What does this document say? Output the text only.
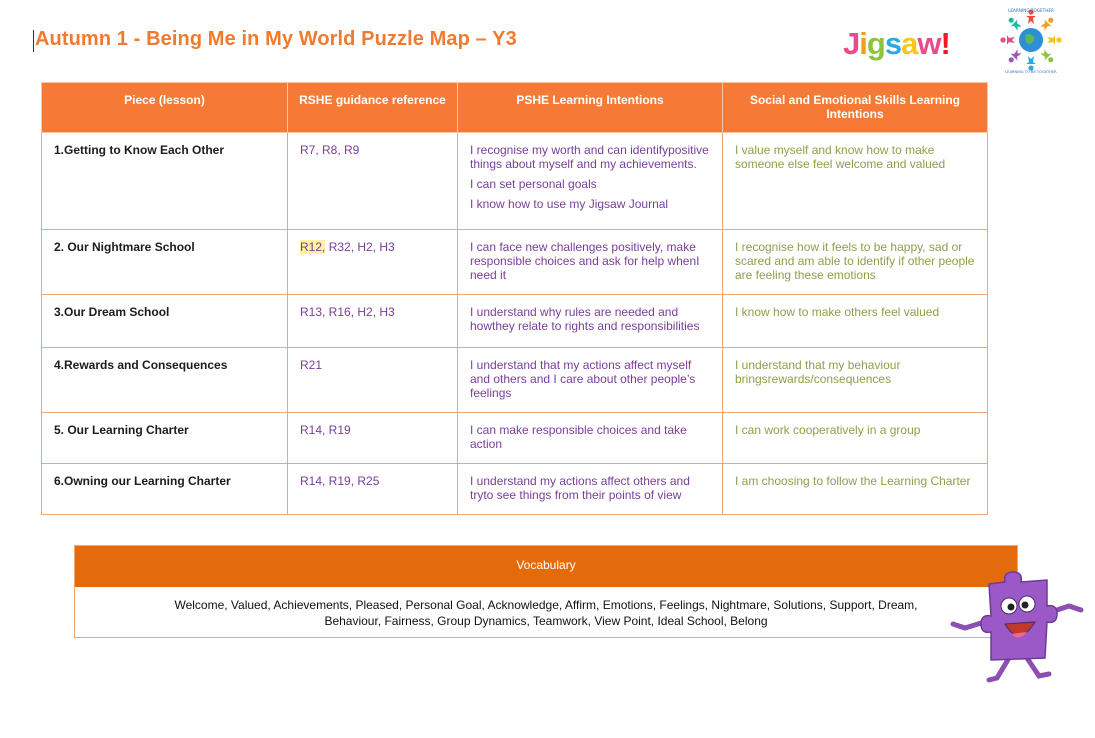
Autumn 1 - Being Me in My World Puzzle Map – Y3	Jigsaw!
LEARNING TOGETHER
LEARNING TO BE TOGETHER
Piece (lesson)	RSHE guidance reference	PSHE Learning Intentions	Social and Emotional Skills Learning Intentions
1.Getting to Know Each Other	R7, R8, R9	I recognise my worth and can identifypositive things about myself and my achievements.

I can set personal goals

I know how to use my Jigsaw Journal	I value myself and know how to make someone else feel welcome and valued
2. Our Nightmare School	R12, R32, H2, H3	I can face new challenges positively, make responsible choices and ask for help whenI need it	I recognise how it feels to be happy, sad or scared and am able to identify if other people are feeling these emotions
3.Our Dream School	R13, R16, H2, H3	I understand why rules are needed and howthey relate to rights and responsibilities	I know how to make others feel valued
4.Rewards and Consequences	R21	I understand that my actions affect myself and others and I care about other people’s feelings	I understand that my behaviour bringsrewards/consequences
5. Our Learning Charter	R14, R19	I can make responsible choices and take action	I can work cooperatively in a group
6.Owning our Learning Charter	R14, R19, R25	I understand my actions affect others and tryto see things from their points of view	I am choosing to follow the Learning Charter
Vocabulary
Welcome, Valued, Achievements, Pleased, Personal Goal, Acknowledge, Affirm, Emotions, Feelings, Nightmare, Solutions, Support, Dream,
Behaviour, Fairness, Group Dynamics, Teamwork, View Point, Ideal School, Belong
